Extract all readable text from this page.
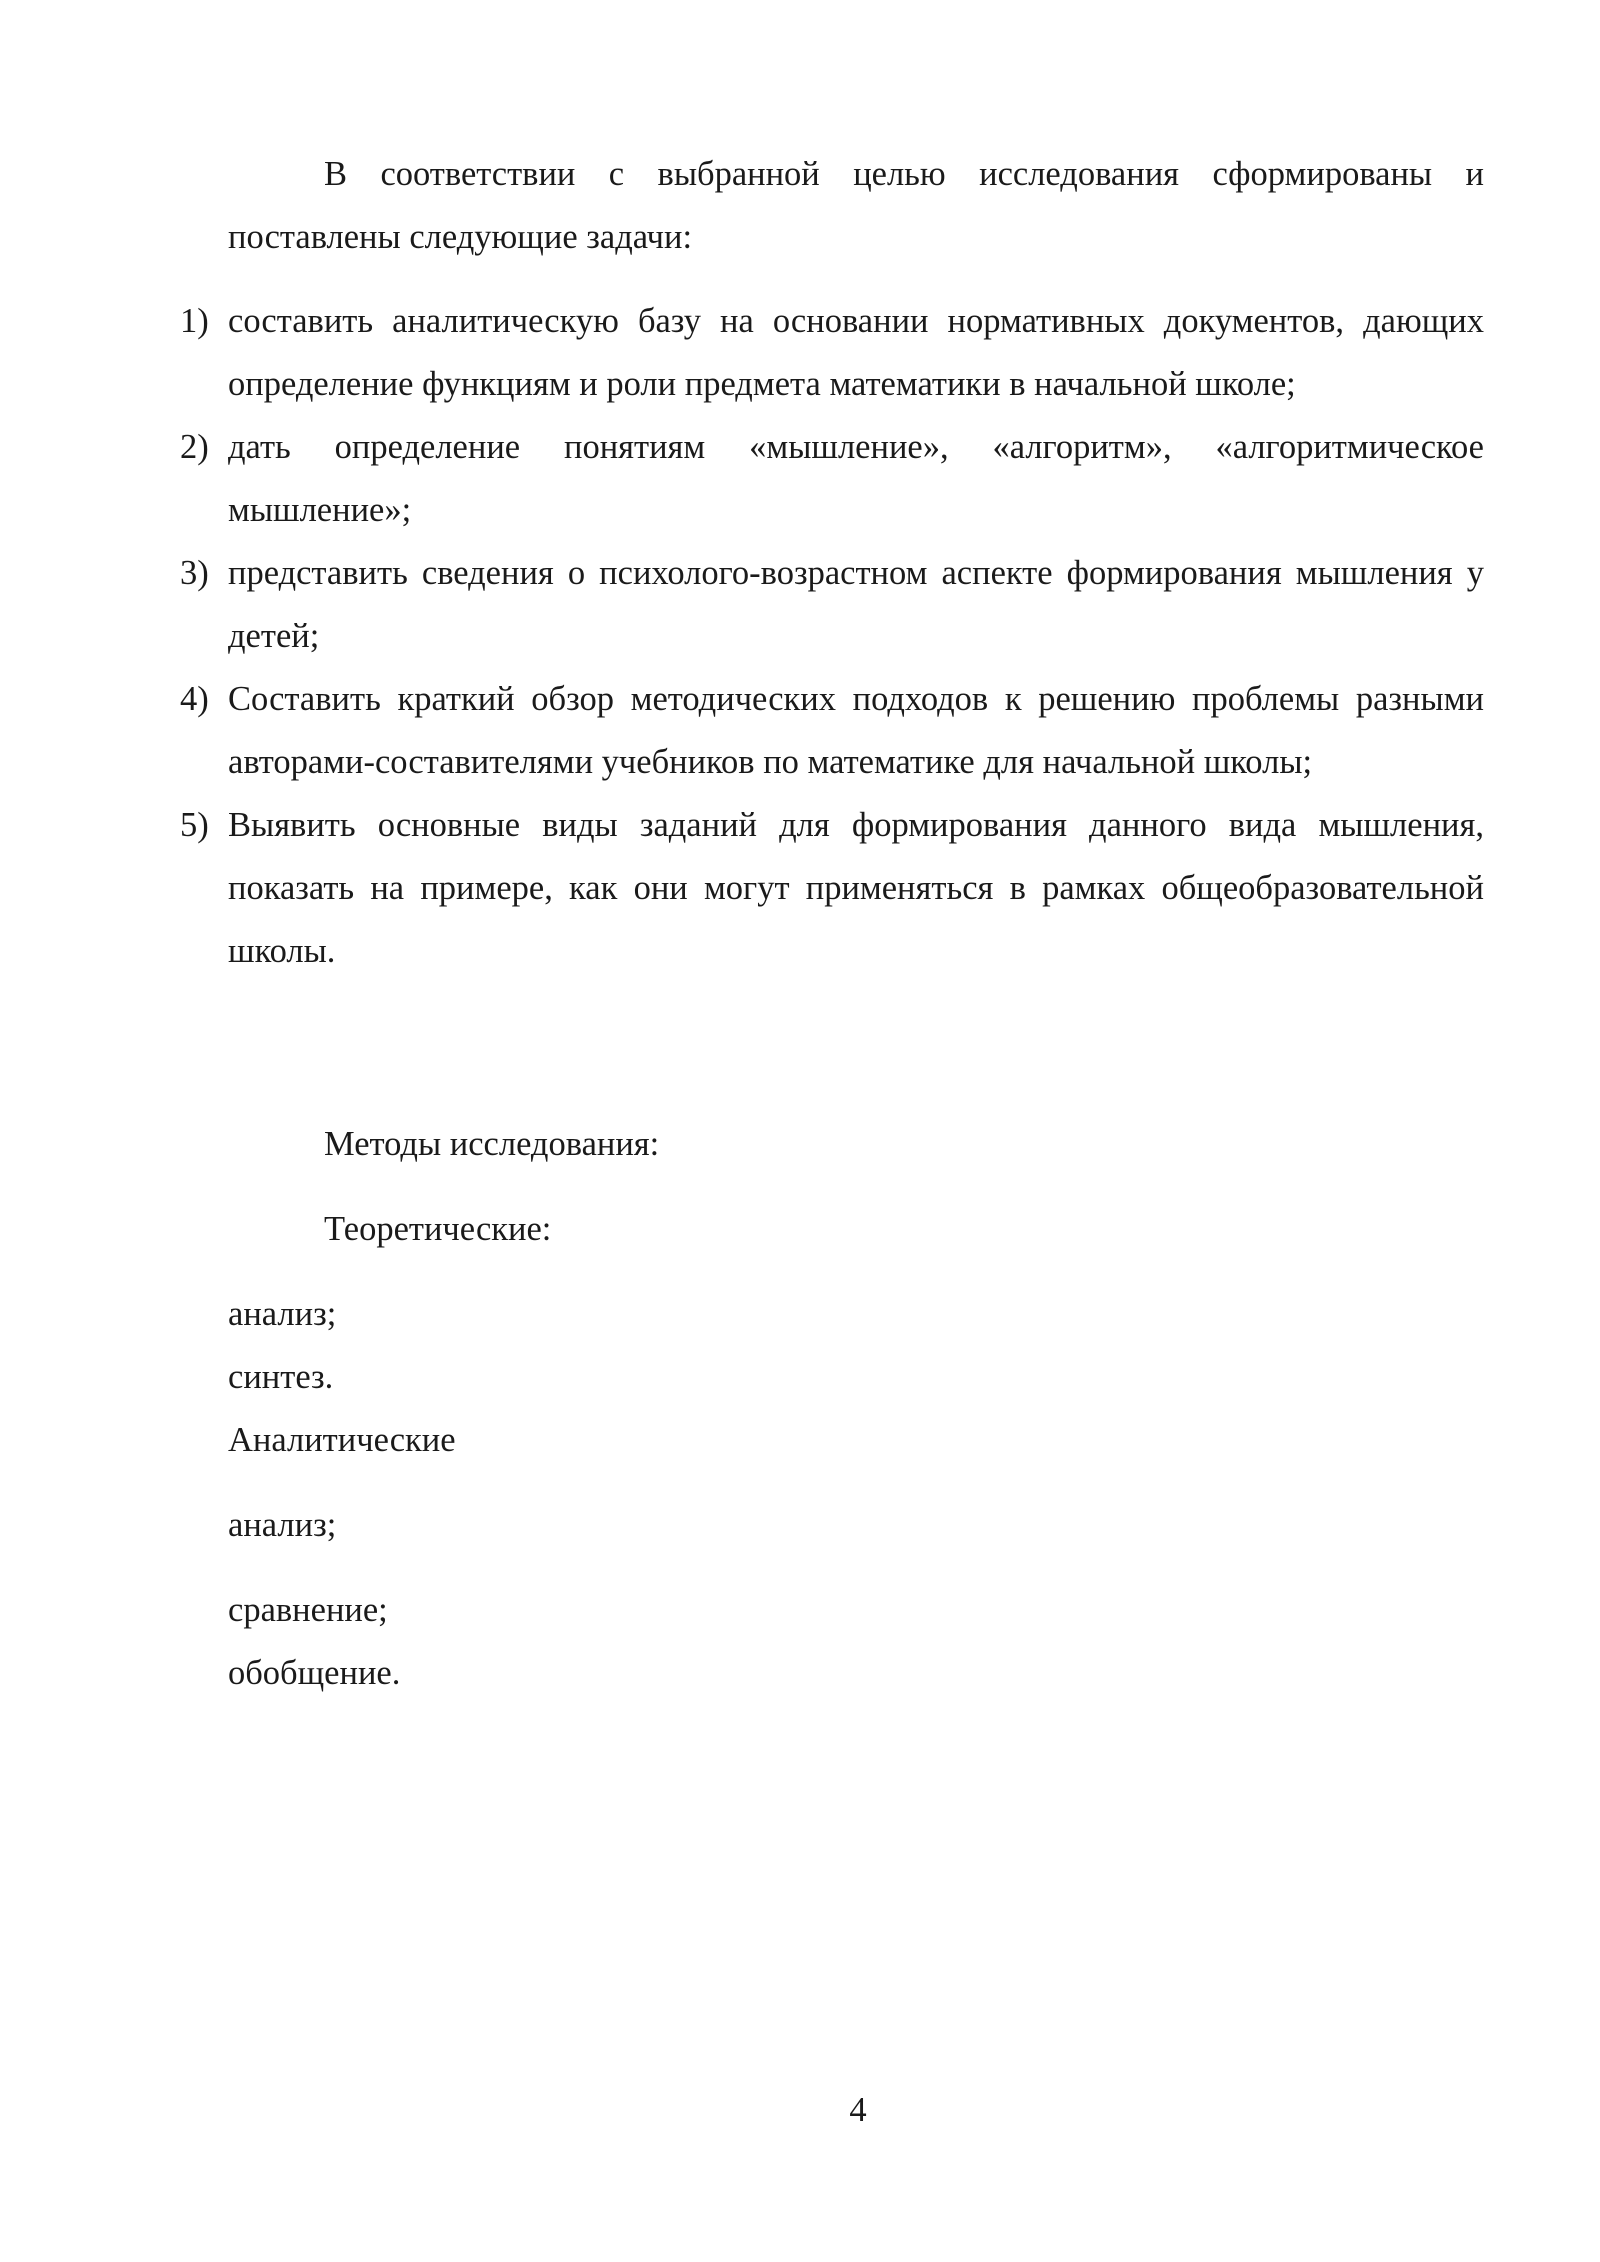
В соответствии с выбранной целью исследования сформированы и поставлены следующие задачи:

1) составить аналитическую базу на основании нормативных документов, дающих определение функциям и роли предмета математики в начальной школе;
2) дать определение понятиям «мышление», «алгоритм», «алгоритмическое мышление»;
3) представить сведения о психолого-возрастном аспекте формирования мышления у детей;
4) Составить краткий обзор методических подходов к решению проблемы разными авторами-составителями учебников по математике для начальной школы;
5) Выявить основные виды заданий для формирования данного вида мышления, показать на примере, как они могут применяться в рамках общеобразовательной школы.
Методы исследования:
Теоретические:
анализ;
синтез.
Аналитические
анализ;
сравнение;
обобщение.
4
